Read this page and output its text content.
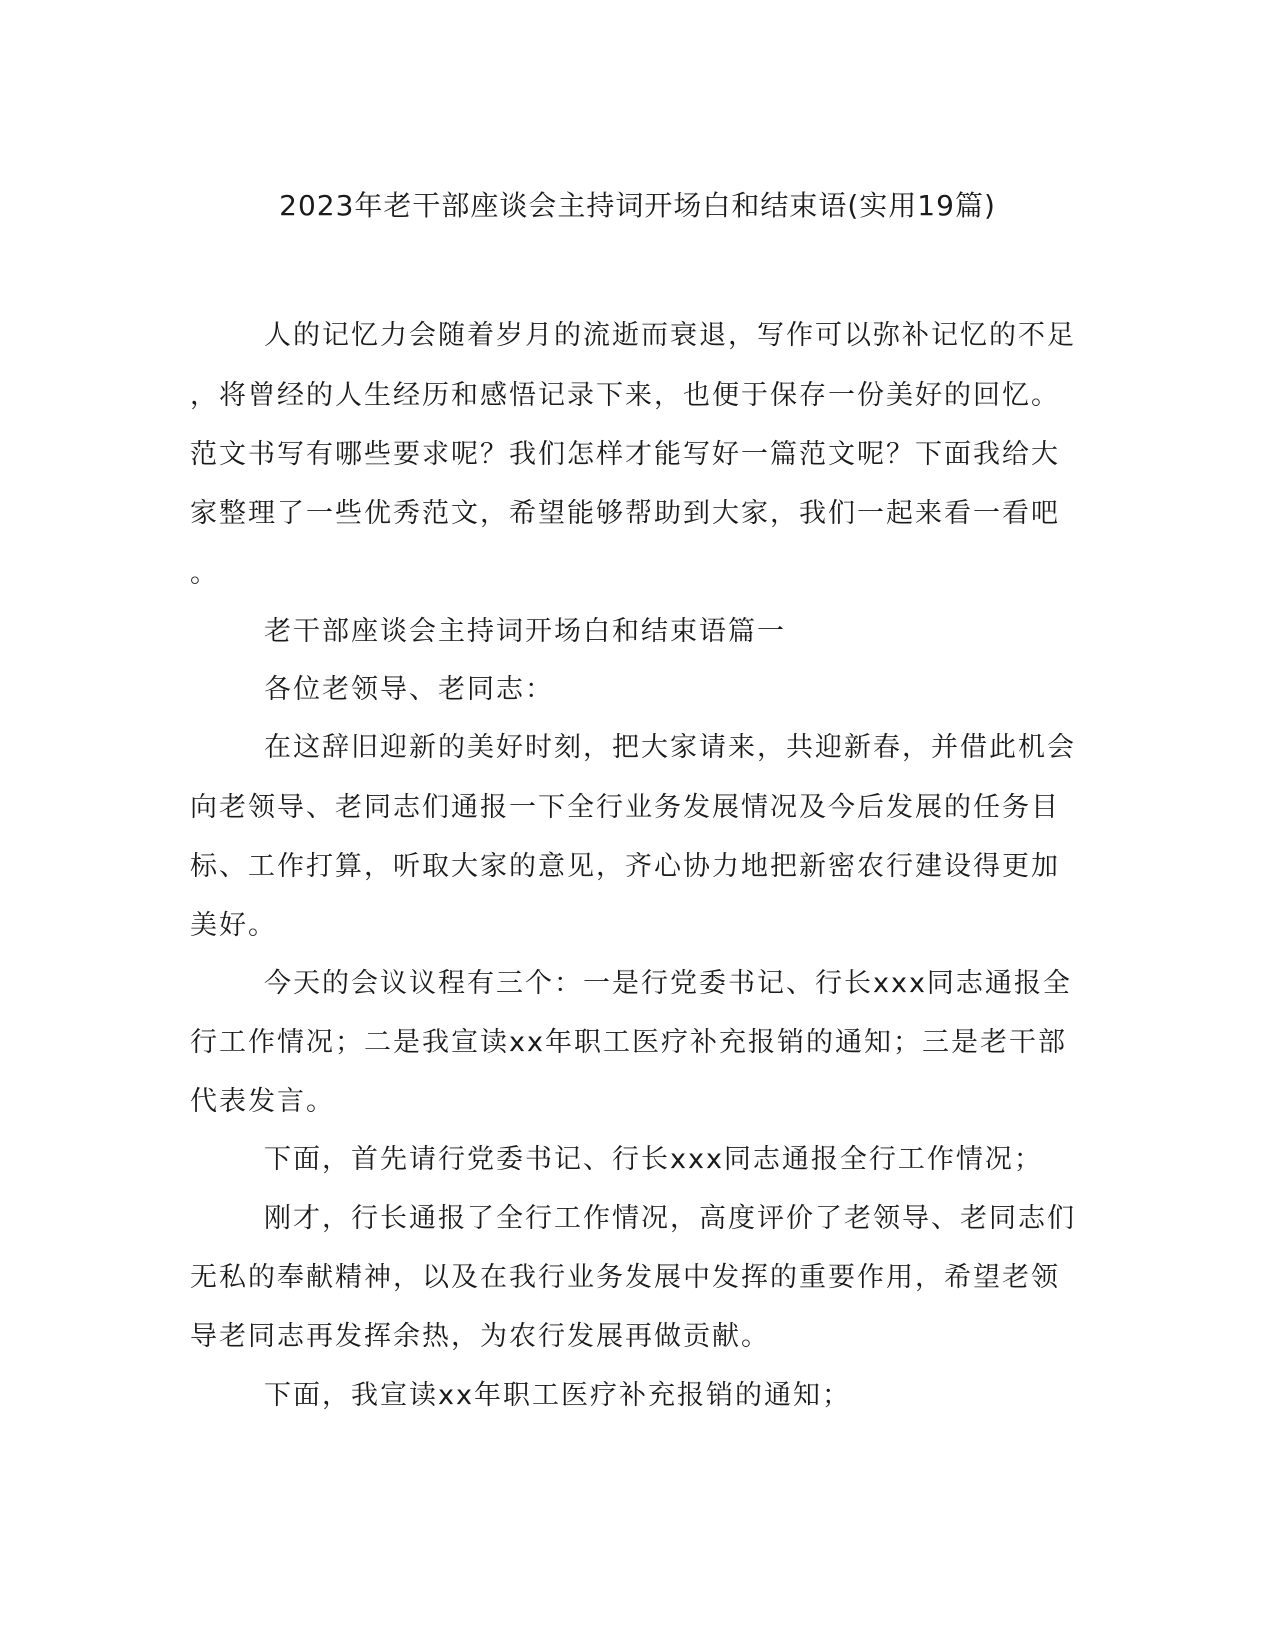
2023年老干部座谈会主持词开场白和结束语(实用19篇)
人的记忆力会随着岁月的流逝而衰退，写作可以弥补记忆的不足
，将曾经的人生经历和感悟记录下来，也便于保存一份美好的回忆。
范文书写有哪些要求呢？我们怎样才能写好一篇范文呢？下面我给大
家整理了一些优秀范文，希望能够帮助到大家，我们一起来看一看吧
。
老干部座谈会主持词开场白和结束语篇一
各位老领导、老同志：
在这辞旧迎新的美好时刻，把大家请来，共迎新春，并借此机会
向老领导、老同志们通报一下全行业务发展情况及今后发展的任务目
标、工作打算，听取大家的意见，齐心协力地把新密农行建设得更加
美好。
今天的会议议程有三个：一是行党委书记、行长xxx同志通报全
行工作情况；二是我宣读xx年职工医疗补充报销的通知；三是老干部
代表发言。
下面，首先请行党委书记、行长xxx同志通报全行工作情况；
刚才，行长通报了全行工作情况，高度评价了老领导、老同志们
无私的奉献精神，以及在我行业务发展中发挥的重要作用，希望老领
导老同志再发挥余热，为农行发展再做贡献。
下面，我宣读xx年职工医疗补充报销的通知；
